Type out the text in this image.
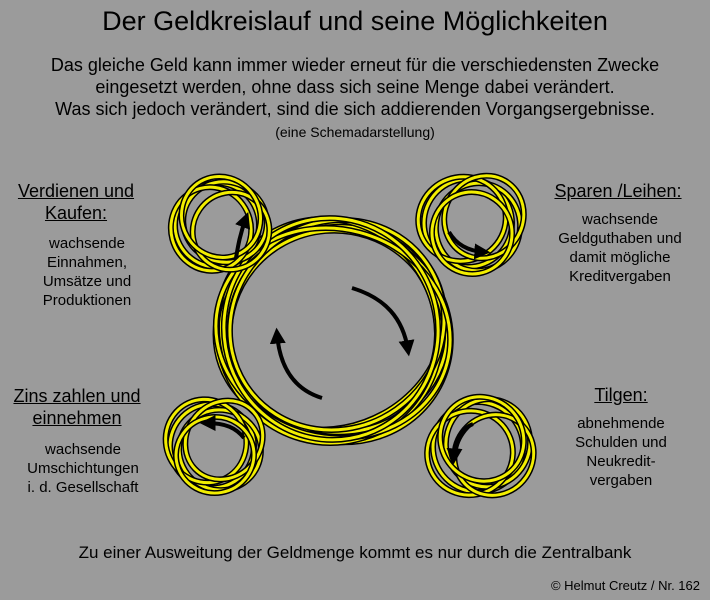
Der Geldkreislauf und seine Möglichkeiten
Das gleiche Geld kann immer wieder erneut für die verschiedensten Zwecke
eingesetzt werden, ohne dass sich seine Menge dabei verändert.
Was sich jedoch verändert, sind die sich addierenden Vorgangsergebnisse.
(eine Schemadarstellung)
Verdienen und
Kaufen:
wachsende
Einnahmen,
Umsätze und
Produktionen
Sparen /Leihen:
wachsende
Geldguthaben und
damit mögliche
Kreditvergaben
Zins zahlen und
einnehmen
wachsende
Umschichtungen
i. d. Gesellschaft
Tilgen:
abnehmende
Schulden und
Neukredit-
vergaben
Zu einer Ausweitung der Geldmenge kommt es nur durch die Zentralbank
© Helmut Creutz / Nr. 162
